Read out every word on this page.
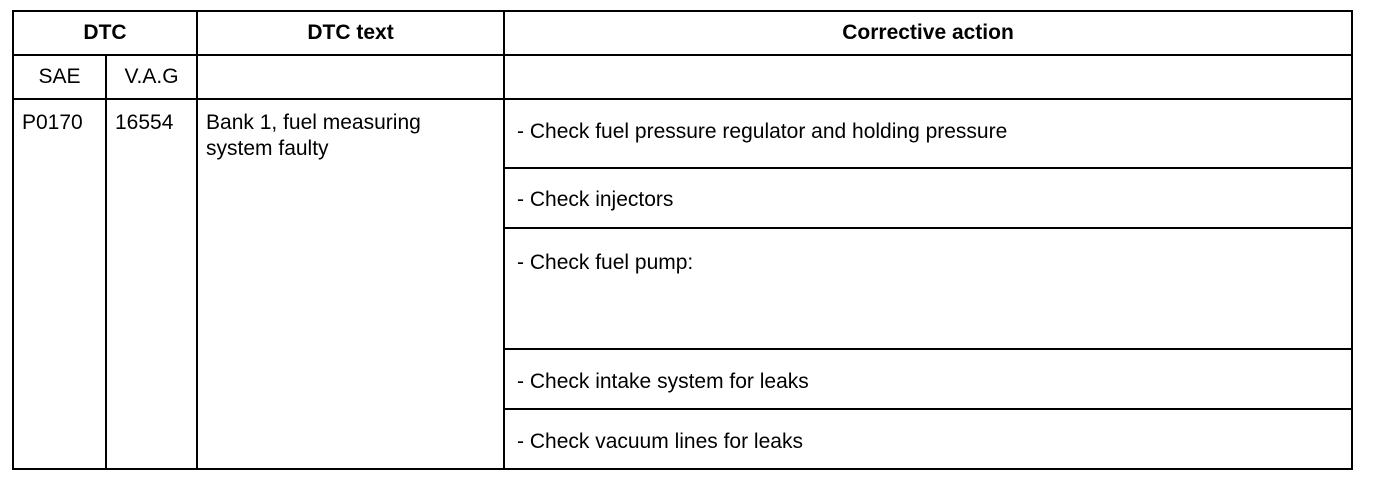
DTC		DTC text	Corrective action
SAE	V.A.G		
P0170	16554	Bank 1, fuel measuring
system faulty	- Check fuel pressure regulator and holding pressure

			- Check injectors

			- Check fuel pump:

			- Check intake system for leaks

			- Check vacuum lines for leaks
